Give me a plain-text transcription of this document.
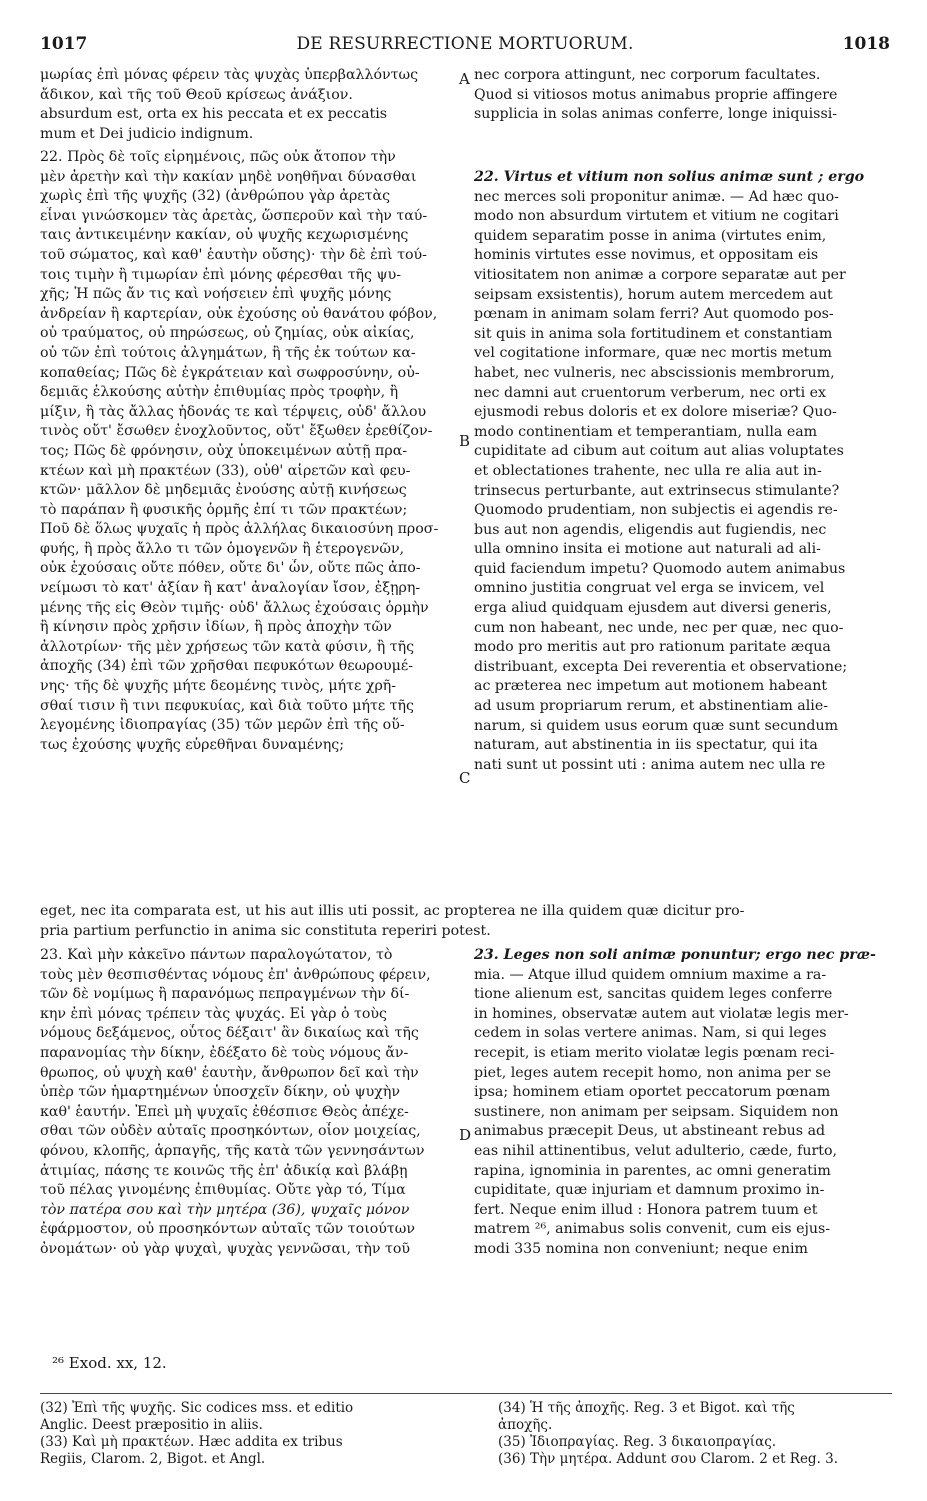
1017	DE RESURRECTIONE MORTUORUM.	1018

μωρίας ἐπὶ μόνας φέρειν τὰς ψυχὰς ὑπερβαλλόντως

ἄδικον, καὶ τῆς τοῦ Θεοῦ κρίσεως ἀνάξιον.

nec corpora attingunt, nec corporum facultates.

Quod si vitiosos motus animabus proprie affingere

supplicia in solas animas conferre, longe iniquissi-

A

absurdum est, orta ex his peccata et ex peccatis

mum et Dei judicio indignum.

22. Πρὸς δὲ τοῖς εἰρημένοις, πῶς οὐκ ἄτοπον τὴν

μὲν ἀρετὴν καὶ τὴν κακίαν μηδὲ νοηθῆναι δύνασθαι

χωρὶς ἐπὶ τῆς ψυχῆς (32) (ἀνθρώπου γὰρ ἀρετὰς

εἶναι γινώσκομεν τὰς ἀρετὰς, ὥσπεροῦν καὶ τὴν ταύ-

ταις ἀντικειμένην κακίαν, οὐ ψυχῆς κεχωρισμένης

τοῦ σώματος, καὶ καθ' ἑαυτὴν οὔσης)· τὴν δὲ ἐπὶ τού-

τοις τιμὴν ἢ τιμωρίαν ἐπὶ μόνης φέρεσθαι τῆς ψυ-

χῆς; Ἡ πῶς ἄν τις καὶ νοήσειεν ἐπὶ ψυχῆς μόνης

ἀνδρείαν ἢ καρτερίαν, οὐκ ἐχούσης οὐ θανάτου φόβον,

οὐ τραύματος, οὐ πηρώσεως, οὐ ζημίας, οὐκ αἰκίας,

οὐ τῶν ἐπὶ τούτοις ἀλγημάτων, ἢ τῆς ἐκ τούτων κα-

κοπαθείας; Πῶς δὲ ἐγκράτειαν καὶ σωφροσύνην, οὐ-

δεμιᾶς ἑλκούσης αὐτὴν ἐπιθυμίας πρὸς τροφὴν, ἢ

μίξιν, ἢ τὰς ἄλλας ἡδονάς τε καὶ τέρψεις, οὐδ' ἄλλου

τινὸς οὔτ' ἔσωθεν ἐνοχλοῦντος, οὔτ' ἔξωθεν ἐρεθίζον-

τος; Πῶς δὲ φρόνησιν, οὐχ ὑποκειμένων αὐτῇ πρα-

κτέων καὶ μὴ πρακτέων (33), οὐθ' αἱρετῶν καὶ φευ-

κτῶν· μᾶλλον δὲ μηδεμιᾶς ἐνούσης αὐτῇ κινήσεως

τὸ παράπαν ἢ φυσικῆς ὁρμῆς ἐπί τι τῶν πρακτέων;

Ποῦ δὲ ὅλως ψυχαῖς ἡ πρὸς ἀλλήλας δικαιοσύνη προσ-

φυής, ἢ πρὸς ἄλλο τι τῶν ὁμογενῶν ἢ ἑτερογενῶν,

οὐκ ἐχούσαις οὔτε πόθεν, οὔτε δι' ὧν, οὔτε πῶς ἀπο-

νείμωσι τὸ κατ' ἀξίαν ἢ κατ' ἀναλογίαν ἴσον, ἐξῃρη-

μένης τῆς εἰς Θεὸν τιμῆς· οὐδ' ἄλλως ἐχούσαις ὁρμὴν

ἢ κίνησιν πρὸς χρῆσιν ἰδίων, ἢ πρὸς ἀποχὴν τῶν

ἀλλοτρίων· τῆς μὲν χρήσεως τῶν κατὰ φύσιν, ἢ τῆς

ἀποχῆς (34) ἐπὶ τῶν χρῆσθαι πεφυκότων θεωρουμέ-

νης· τῆς δὲ ψυχῆς μήτε δεομένης τινὸς, μήτε χρῆ-

σθαί τισιν ἢ τινι πεφυκυίας, καὶ διὰ τοῦτο μήτε τῆς

λεγομένης ἰδιοπραγίας (35) τῶν μερῶν ἐπὶ τῆς οὕ-

τως ἐχούσης ψυχῆς εὑρεθῆναι δυναμένης;

22. Virtus et vitium non solius animæ sunt ; ergo

nec merces soli proponitur animæ. — Ad hæc quo-

modo non absurdum virtutem et vitium ne cogitari

quidem separatim posse in anima (virtutes enim,

hominis virtutes esse novimus, et oppositam eis

vitiositatem non animæ a corpore separatæ aut per

seipsam exsistentis), horum autem mercedem aut

pœnam in animam solam ferri? Aut quomodo pos-

sit quis in anima sola fortitudinem et constantiam

vel cogitatione informare, quæ nec mortis metum

habet, nec vulneris, nec abscissionis membrorum,

nec damni aut cruentorum verberum, nec orti ex

ejusmodi rebus doloris et ex dolore miseriæ? Quo-

modo continentiam et temperantiam, nulla eam

cupiditate ad cibum aut coitum aut alias voluptates

et oblectationes trahente, nec ulla re alia aut in-

trinsecus perturbante, aut extrinsecus stimulante?

Quomodo prudentiam, non subjectis ei agendis re-

bus aut non agendis, eligendis aut fugiendis, nec

ulla omnino insita ei motione aut naturali ad ali-

quid faciendum impetu? Quomodo autem animabus

omnino justitia congruat vel erga se invicem, vel

erga aliud quidquam ejusdem aut diversi generis,

cum non habeant, nec unde, nec per quæ, nec quo-

modo pro meritis aut pro rationum paritate æqua

distribuant, excepta Dei reverentia et observatione;

ac præterea nec impetum aut motionem habeant

ad usum propriarum rerum, et abstinentiam alie-

narum, si quidem usus eorum quæ sunt secundum

naturam, aut abstinentia in iis spectatur, qui ita

nati sunt ut possint uti : anima autem nec ulla re

B
C

eget, nec ita comparata est, ut his aut illis uti possit, ac propterea ne illa quidem quæ dicitur pro-

pria partium perfunctio in anima sic constituta reperiri potest.

23. Καὶ μὴν κἀκεῖνο πάντων παραλογώτατον, τὸ

τοὺς μὲν θεσπισθέντας νόμους ἐπ' ἀνθρώπους φέρειν,

τῶν δὲ νομίμως ἢ παρανόμως πεπραγμένων τὴν δί-

κην ἐπὶ μόνας τρέπειν τὰς ψυχάς. Εἰ γὰρ ὁ τοὺς

νόμους δεξάμενος, οὗτος δέξαιτ' ἂν δικαίως καὶ τῆς

παρανομίας τὴν δίκην, ἐδέξατο δὲ τοὺς νόμους ἄν-

θρωπος, οὐ ψυχὴ καθ' ἑαυτὴν, ἄνθρωπον δεῖ καὶ τὴν

ὑπὲρ τῶν ἡμαρτημένων ὑποσχεῖν δίκην, οὐ ψυχὴν

καθ' ἑαυτήν. Ἐπεὶ μὴ ψυχαῖς ἐθέσπισε Θεὸς ἀπέχε-

σθαι τῶν οὐδὲν αὐταῖς προσηκόντων, οἷον μοιχείας,

φόνου, κλοπῆς, ἁρπαγῆς, τῆς κατὰ τῶν γεννησάντων

ἀτιμίας, πάσης τε κοινῶς τῆς ἐπ' ἀδικίᾳ καὶ βλάβῃ

τοῦ πέλας γινομένης ἐπιθυμίας. Οὔτε γὰρ τό, Τίμα

τὸν πατέρα σου καὶ τὴν μητέρα (36), ψυχαῖς μόνον

ἐφάρμοστον, οὐ προσηκόντων αὐταῖς τῶν τοιούτων

ὀνομάτων· οὐ γὰρ ψυχαὶ, ψυχὰς γεννῶσαι, τὴν τοῦ

23. Leges non soli animæ ponuntur; ergo nec præ-

mia. — Atque illud quidem omnium maxime a ra-

tione alienum est, sancitas quidem leges conferre

in homines, observatæ autem aut violatæ legis mer-

cedem in solas vertere animas. Nam, si qui leges

recepit, is etiam merito violatæ legis pœnam reci-

piet, leges autem recepit homo, non anima per se

ipsa; hominem etiam oportet peccatorum pœnam

sustinere, non animam per seipsam. Siquidem non

animabus præcepit Deus, ut abstineant rebus ad

eas nihil attinentibus, velut adulterio, cæde, furto,

rapina, ignominia in parentes, ac omni generatim

cupiditate, quæ injuriam et damnum proximo in-

fert. Neque enim illud : Honora patrem tuum et

matrem ²⁶, animabus solis convenit, cum eis ejus-

modi 335 nomina non conveniunt; neque enim

D

²⁶ Exod. xx, 12.

(32) Ἐπὶ τῆς ψυχῆς. Sic codices mss. et editio

Anglic. Deest præpositio in aliis.

(33) Καὶ μὴ πρακτέων. Hæc addita ex tribus

Regiis, Clarom. 2, Bigot. et Angl.

(34) Ἡ τῆς ἀποχῆς. Reg. 3 et Bigot. καὶ τῆς

ἀποχῆς.

(35) Ἰδιοπραγίας. Reg. 3 δικαιοπραγίας.

(36) Τὴν μητέρα. Addunt σου Clarom. 2 et Reg. 3.
